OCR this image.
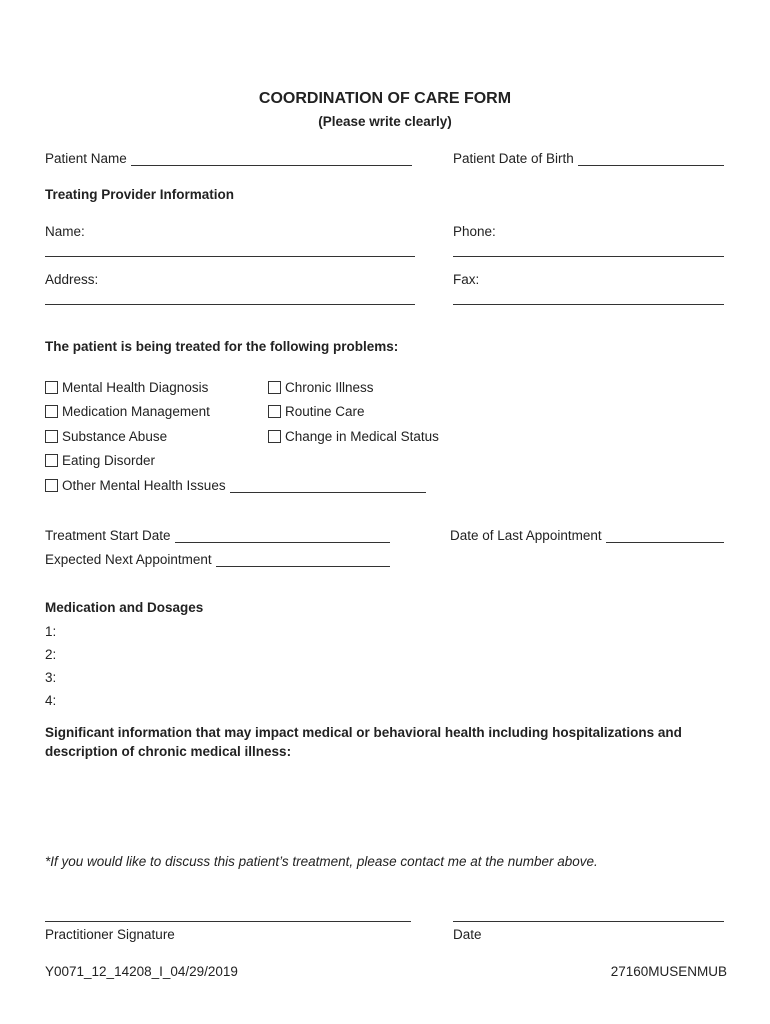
COORDINATION OF CARE FORM
(Please write clearly)
Patient Name	Patient Date of Birth
Treating Provider Information
Name:	Phone:
Address:	Fax:
The patient is being treated for the following problems:
Mental Health Diagnosis
Medication Management
Substance Abuse
Eating Disorder
Other Mental Health Issues
Chronic Illness
Routine Care
Change in Medical Status
Treatment Start Date	Date of Last Appointment
Expected Next Appointment
Medication and Dosages
1:
2:
3:
4:
Significant information that may impact medical or behavioral health including hospitalizations and description of chronic medical illness:
*If you would like to discuss this patient’s treatment, please contact me at the number above.
Practitioner Signature	Date
Y0071_12_14208_I_04/29/2019	27160MUSENMUB
